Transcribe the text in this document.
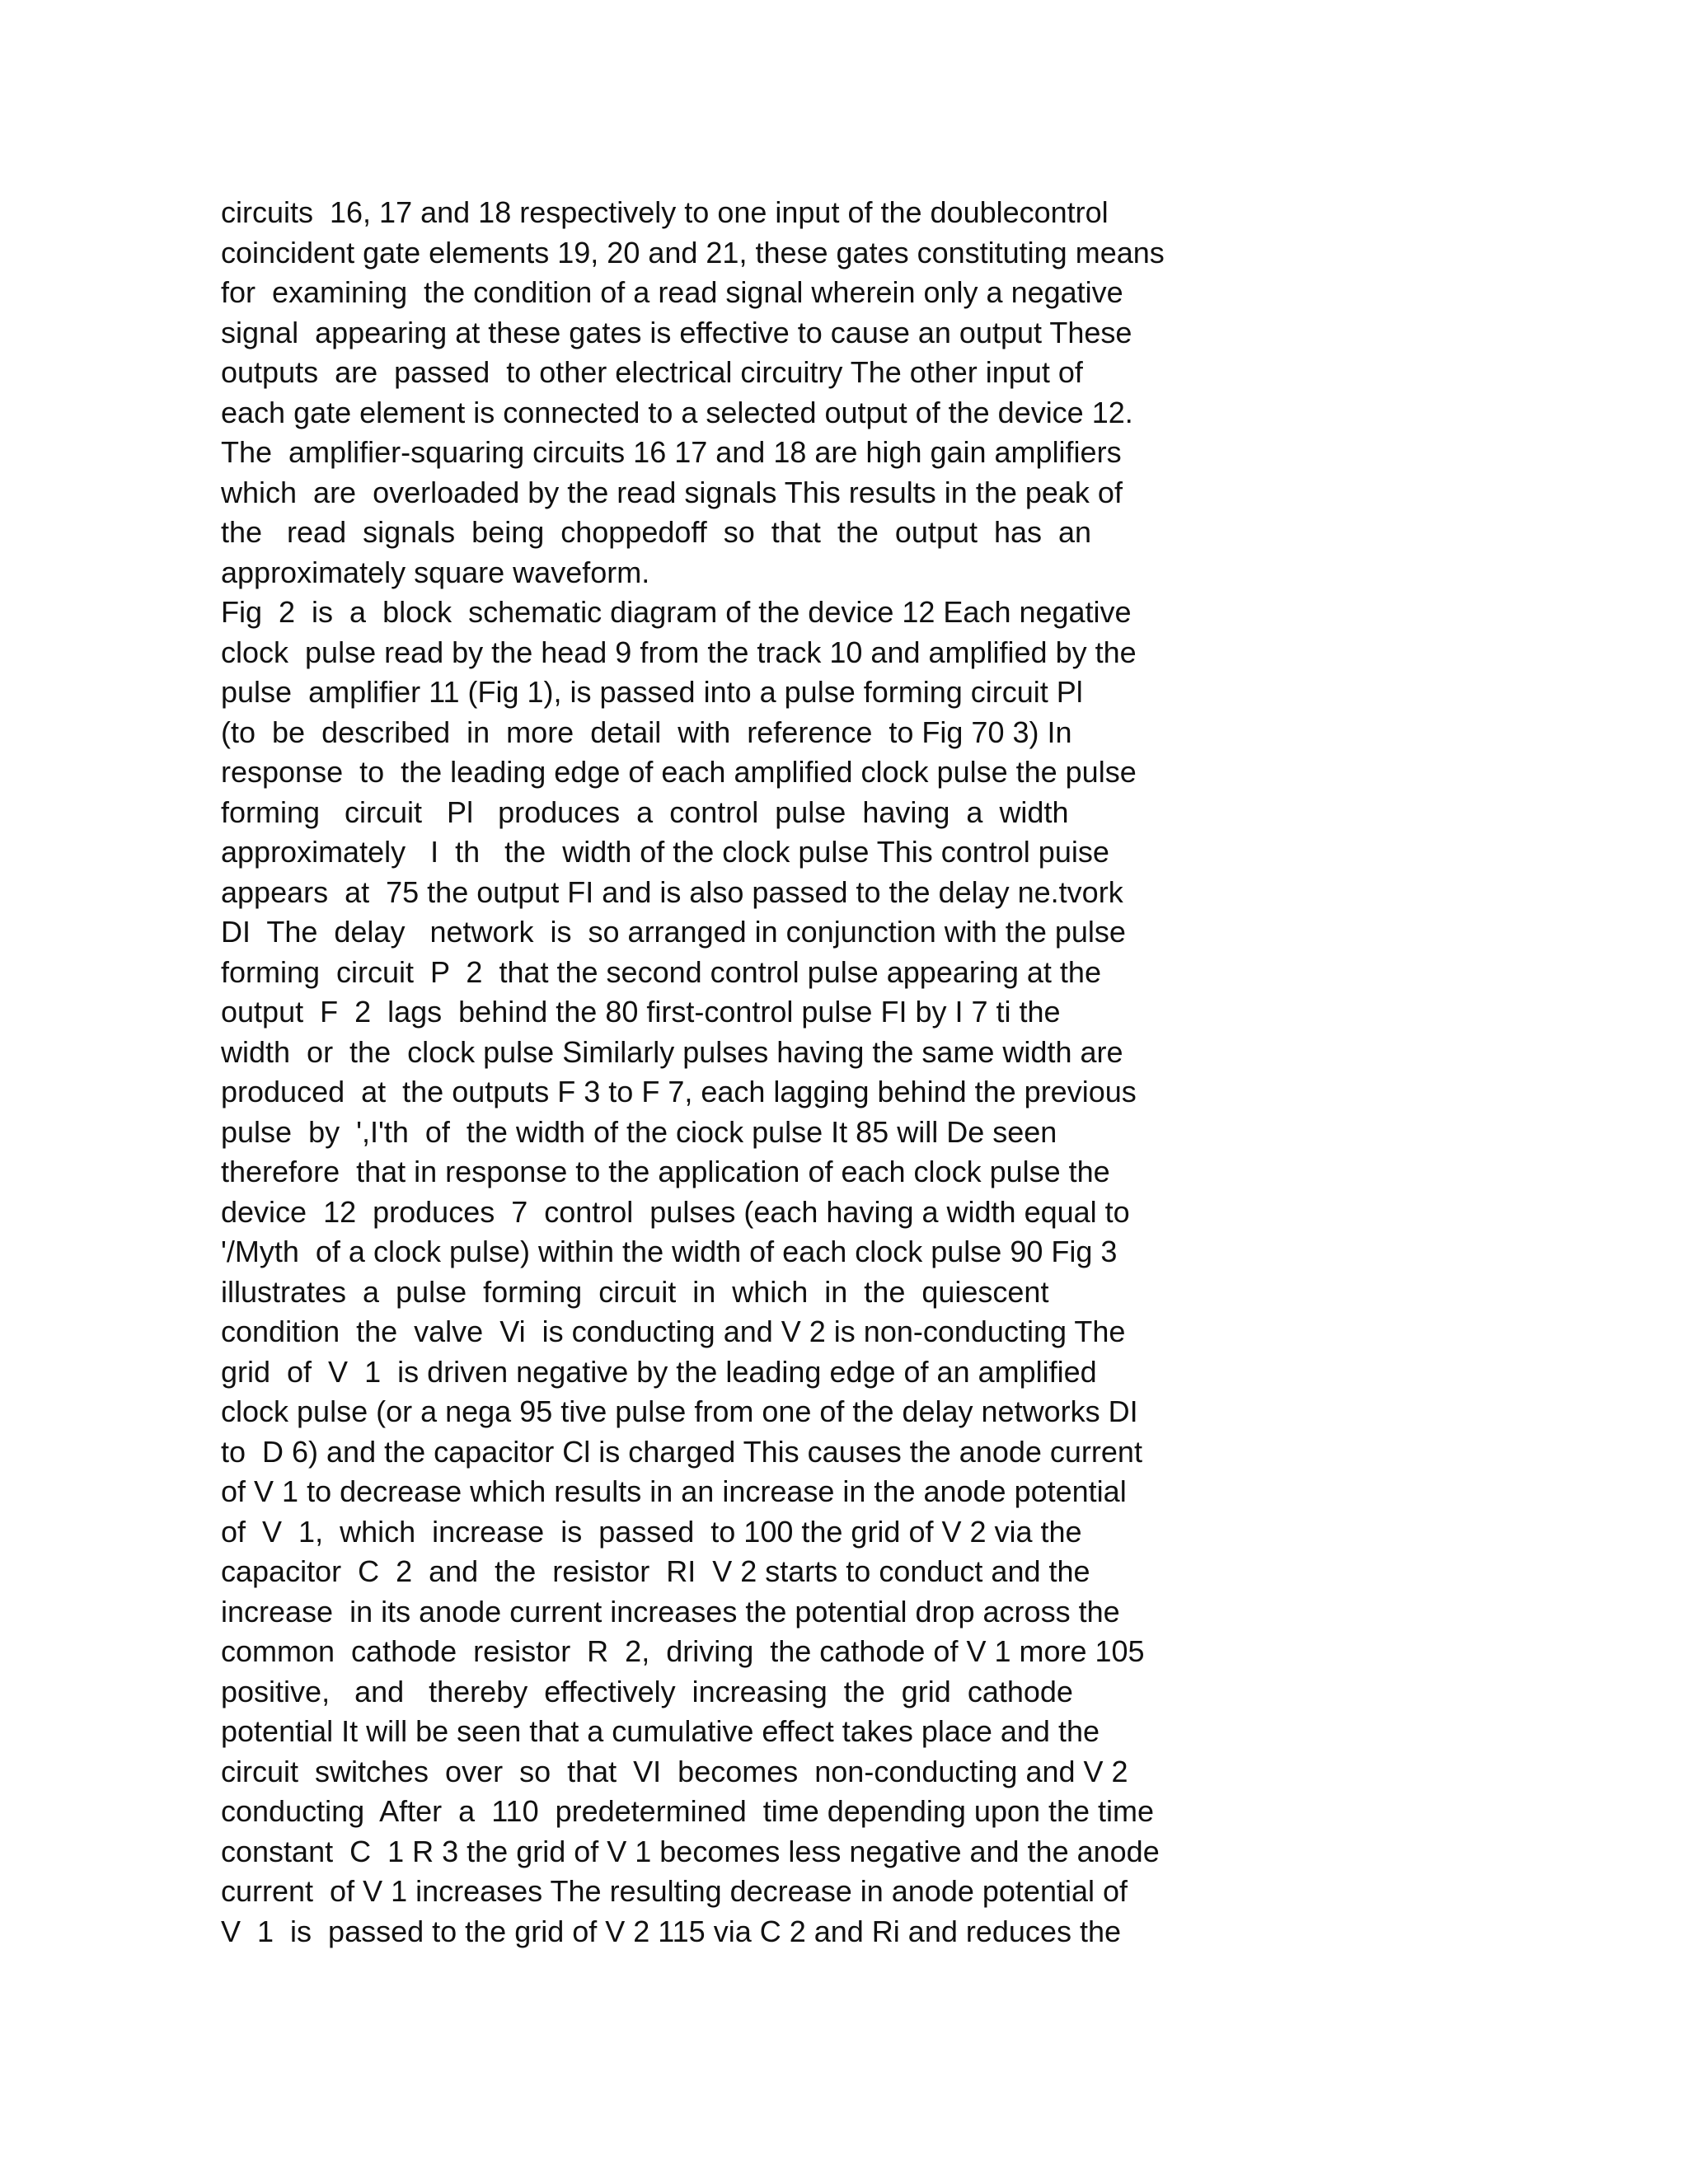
circuits  16, 17 and 18 respectively to one input of the doublecontrol
coincident gate elements 19, 20 and 21, these gates constituting means
for  examining  the condition of a read signal wherein only a negative
signal  appearing at these gates is effective to cause an output These
outputs  are  passed  to other electrical circuitry The other input of
each gate element is connected to a selected output of the device 12.
The  amplifier-squaring circuits 16 17 and 18 are high gain amplifiers
which  are  overloaded by the read signals This results in the peak of
the   read  signals  being  choppedoff  so  that  the  output  has  an
approximately square waveform.
Fig  2  is  a  block  schematic diagram of the device 12 Each negative
clock  pulse read by the head 9 from the track 10 and amplified by the
pulse  amplifier 11 (Fig 1), is passed into a pulse forming circuit Pl
(to  be  described  in  more  detail  with  reference  to Fig 70 3) In
response  to  the leading edge of each amplified clock pulse the pulse
forming   circuit   Pl   produces  a  control  pulse  having  a  width
approximately   I  th   the  width of the clock pulse This control puise
appears  at  75 the output FI and is also passed to the delay ne.tvork
DI  The  delay   network  is  so arranged in conjunction with the pulse
forming  circuit  P  2  that the second control pulse appearing at the
output  F  2  lags  behind the 80 first-control pulse FI by I 7 ti the
width  or  the  clock pulse Similarly pulses having the same width are
produced  at  the outputs F 3 to F 7, each lagging behind the previous
pulse  by  ',I'th  of  the width of the ciock pulse It 85 will De seen
therefore  that in response to the application of each clock pulse the
device  12  produces  7  control  pulses (each having a width equal to
'/Myth  of a clock pulse) within the width of each clock pulse 90 Fig 3
illustrates  a  pulse  forming  circuit  in  which  in  the  quiescent
condition  the  valve  Vi  is conducting and V 2 is non-conducting The
grid  of  V  1  is driven negative by the leading edge of an amplified
clock pulse (or a nega 95 tive pulse from one of the delay networks DI
to  D 6) and the capacitor Cl is charged This causes the anode current
of V 1 to decrease which results in an increase in the anode potential
of  V  1,  which  increase  is  passed  to 100 the grid of V 2 via the
capacitor  C  2  and  the  resistor  RI  V 2 starts to conduct and the
increase  in its anode current increases the potential drop across the
common  cathode  resistor  R  2,  driving  the cathode of V 1 more 105
positive,   and   thereby  effectively  increasing  the  grid  cathode
potential It will be seen that a cumulative effect takes place and the
circuit  switches  over  so  that  VI  becomes  non-conducting and V 2
conducting  After  a  110  predetermined  time depending upon the time
constant  C  1 R 3 the grid of V 1 becomes less negative and the anode
current  of V 1 increases The resulting decrease in anode potential of
V  1  is  passed to the grid of V 2 115 via C 2 and Ri and reduces the
